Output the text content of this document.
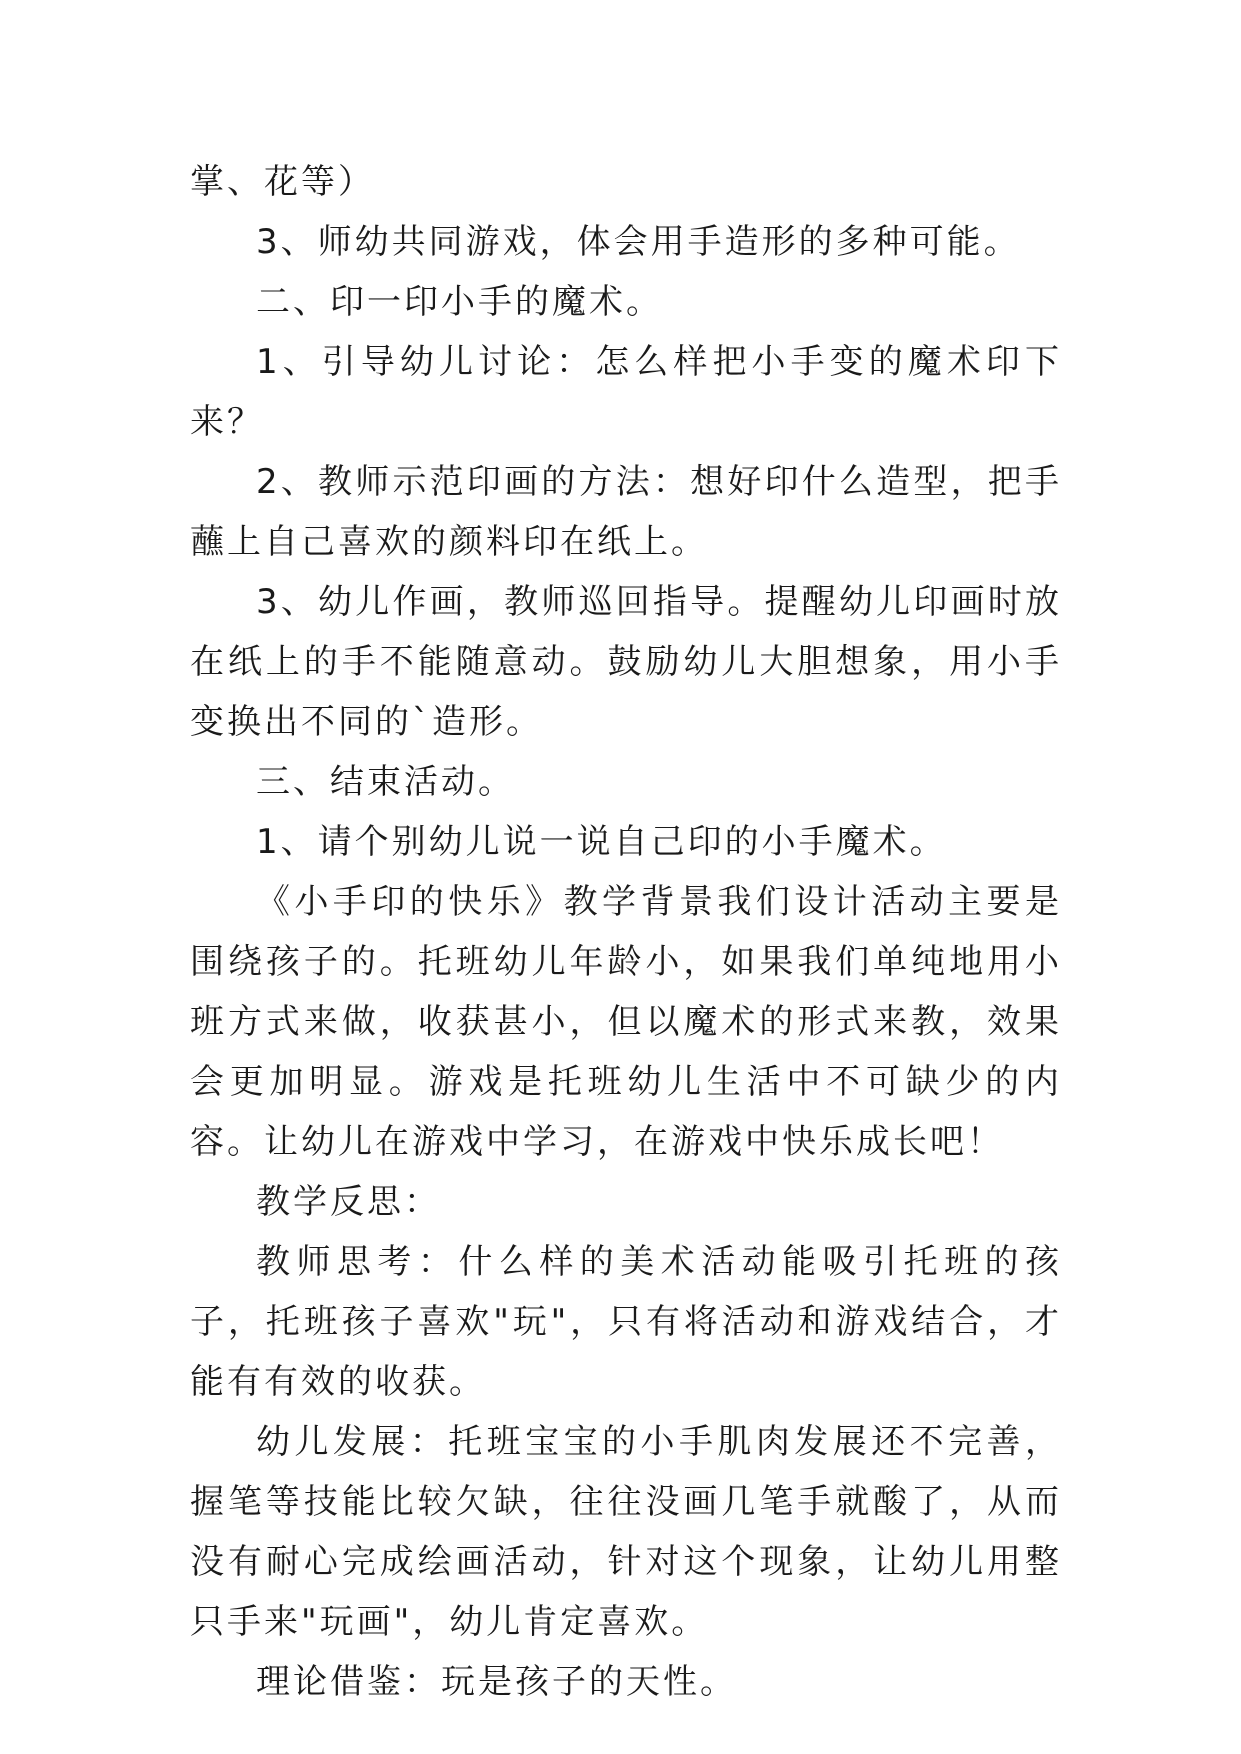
掌、花等）

3、师幼共同游戏，体会用手造形的多种可能。

二、印一印小手的魔术。

1、引导幼儿讨论：怎么样把小手变的魔术印下来？

2、教师示范印画的方法：想好印什么造型，把手蘸上自己喜欢的颜料印在纸上。

3、幼儿作画，教师巡回指导。提醒幼儿印画时放在纸上的手不能随意动。鼓励幼儿大胆想象，用小手变换出不同的`造形。

三、结束活动。

1、请个别幼儿说一说自己印的小手魔术。

《小手印的快乐》教学背景我们设计活动主要是围绕孩子的。托班幼儿年龄小，如果我们单纯地用小班方式来做，收获甚小，但以魔术的形式来教，效果会更加明显。游戏是托班幼儿生活中不可缺少的内容。让幼儿在游戏中学习，在游戏中快乐成长吧！

教学反思：

教师思考：什么样的美术活动能吸引托班的孩子，托班孩子喜欢"玩"，只有将活动和游戏结合，才能有有效的收获。

幼儿发展：托班宝宝的小手肌肉发展还不完善，握笔等技能比较欠缺，往往没画几笔手就酸了，从而没有耐心完成绘画活动，针对这个现象，让幼儿用整只手来"玩画"，幼儿肯定喜欢。

理论借鉴：玩是孩子的天性。
